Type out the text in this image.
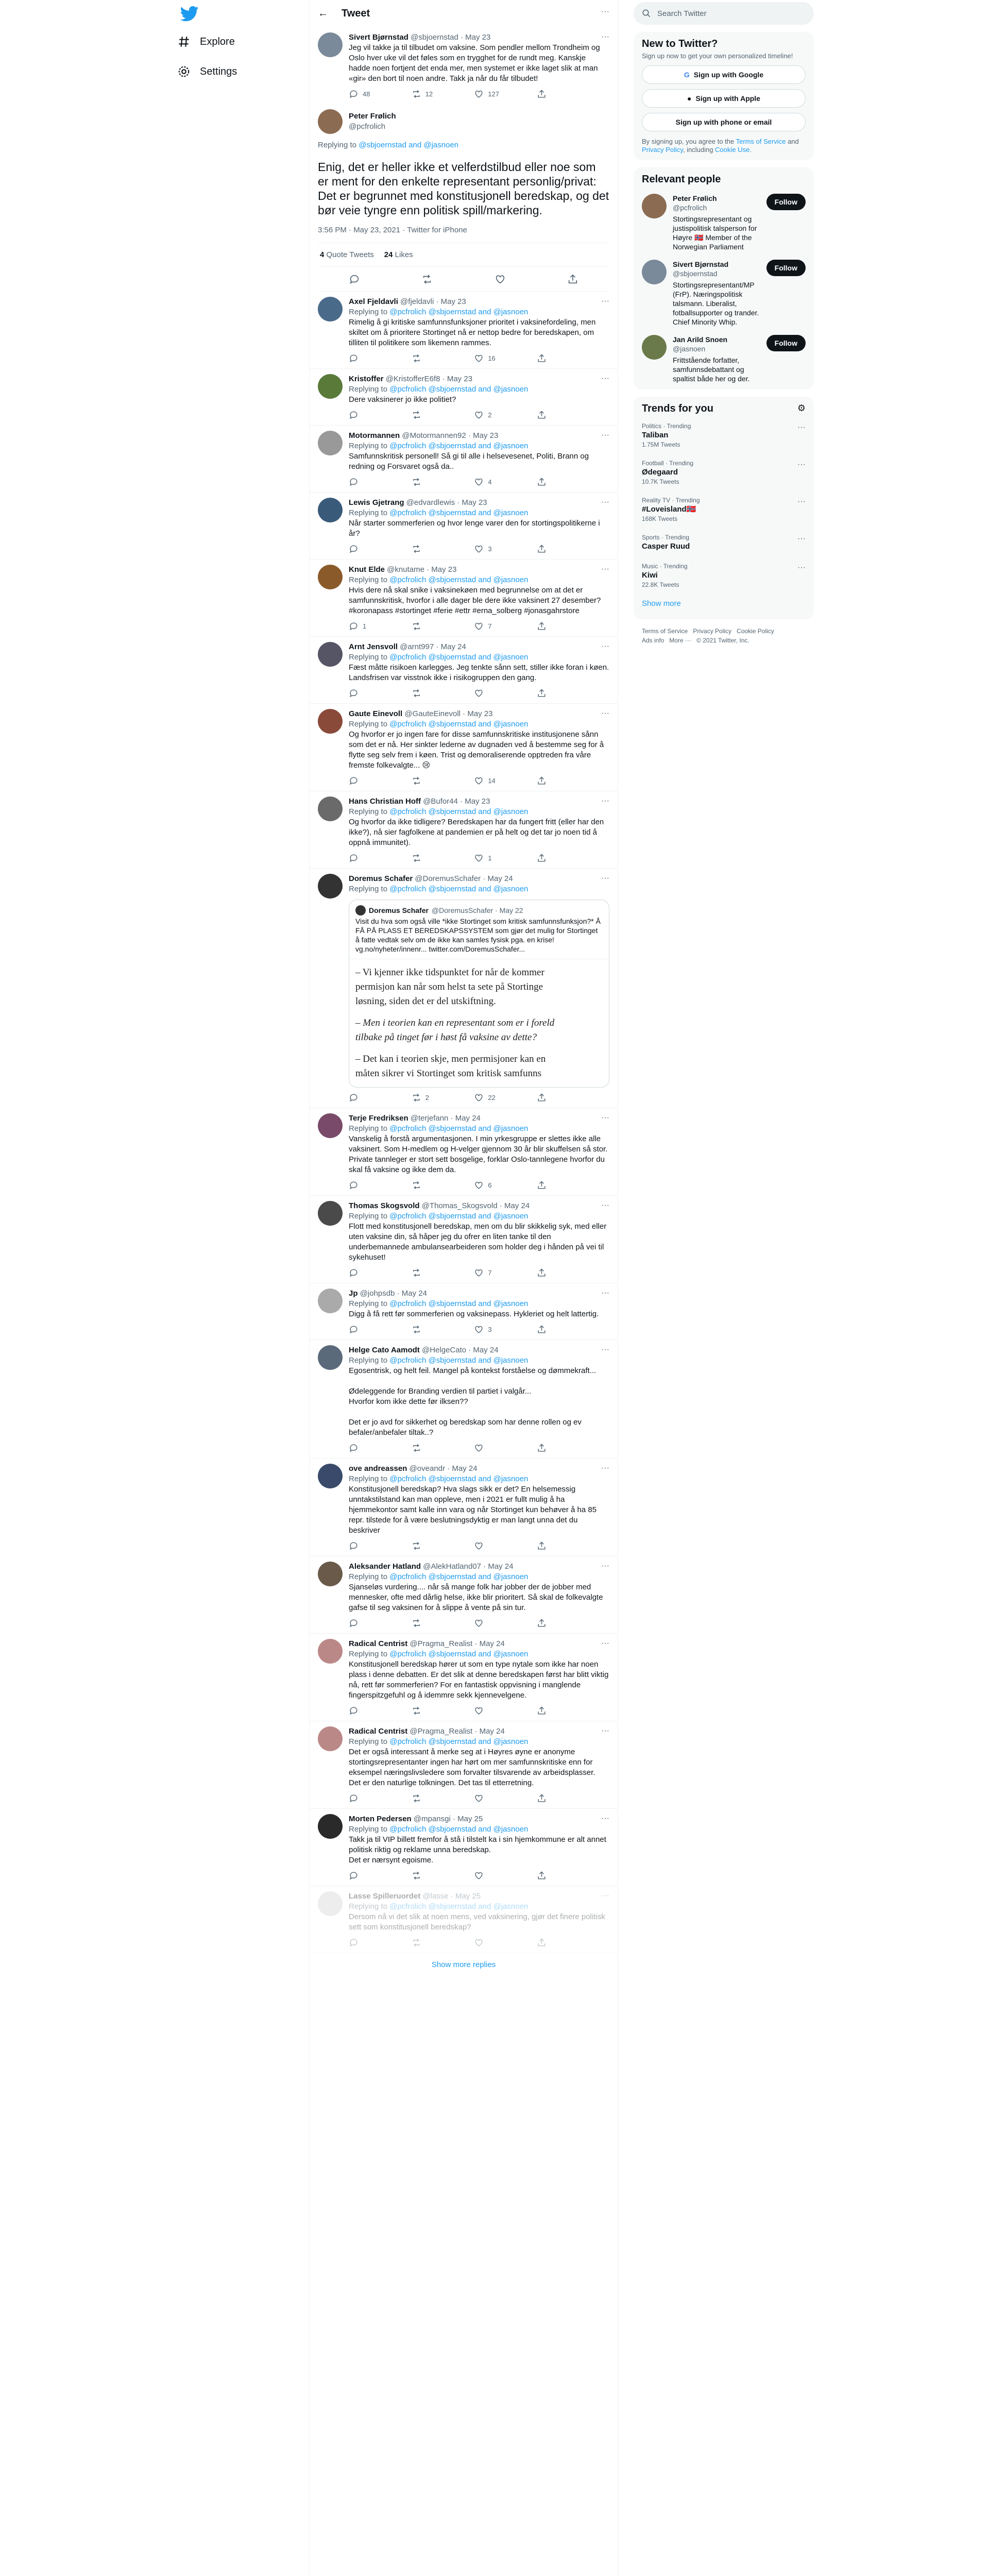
Explore
Settings
← Tweet
Sivert Bjørnstad @sbjoernstad · May 23
Jeg vil takke ja til tilbudet om vaksine. Som pendler mellom Trondheim og Oslo hver uke vil det føles som en trygghet for de rundt meg. Kanskje hadde noen fortjent det enda mer, men systemet er ikke laget slik at man «gir» den bort til noen andre. Takk ja når du får tilbudet!
48	12	127
···
Peter Frølich
@pcfrolich
···
Replying to @sbjoernstad and @jasnoen
Enig, det er heller ikke et velferdstilbud eller noe som er ment for den enkelte representant personlig/privat: Det er begrunnet med konstitusjonell beredskap, og det bør veie tyngre enn politisk spill/markering.
3:56 PM · May 23, 2021 · Twitter for iPhone
4 Quote Tweets 24 Likes
Axel Fjeldavli @fjeldavli · May 23
Replying to @pcfrolich @sbjoernstad and @jasnoen
Rimelig å gi kritiske samfunnsfunksjoner prioritet i vaksinefordeling, men skiltet om å prioritere Stortinget nå er nettop bedre for beredskapen, om tilliten til politikere som likemenn rammes.
16
···
Kristoffer @KristofferE6f8 · May 23
Replying to @pcfrolich @sbjoernstad and @jasnoen
Dere vaksinerer jo ikke politiet?
2
···
Motormannen @Motormannen92 · May 23
Replying to @pcfrolich @sbjoernstad and @jasnoen
Samfunnskritisk personell! Så gi til alle i helsevesenet, Politi, Brann og redning og Forsvaret også da..
4
···
Lewis Gjetrang @edvardlewis · May 23
Replying to @pcfrolich @sbjoernstad and @jasnoen
Når starter sommerferien og hvor lenge varer den for stortingspolitikerne i år?
3
···
Knut Elde @knutame · May 23
Replying to @pcfrolich @sbjoernstad and @jasnoen
Hvis dere nå skal snike i vaksinekøen med begrunnelse om at det er samfunnskritisk, hvorfor i alle dager ble dere ikke vaksinert 27 desember?
#koronapass #stortinget #ferie #ettr #erna_solberg #jonasgahrstore
1	7
···
Arnt Jensvoll @arnt997 · May 24
Replying to @pcfrolich @sbjoernstad and @jasnoen
Fæst måtte risikoen karlegges. Jeg tenkte sånn sett, stiller ikke foran i køen. Landsfrisen var visstnok ikke i risikogruppen den gang.
···
Gaute Einevoll @GauteEinevoll · May 23
Replying to @pcfrolich @sbjoernstad and @jasnoen
Og hvorfor er jo ingen fare for disse samfunnskritiske institusjonene sånn som det er nå. Her sinkter lederne av dugnaden ved å bestemme seg for å flytte seg selv frem i køen. Trist og demoraliserende opptreden fra våre fremste folkevalgte... 😢
14
···
Hans Christian Hoff @Bufor44 · May 23
Replying to @pcfrolich @sbjoernstad and @jasnoen
Og hvorfor da ikke tidligere? Beredskapen har da fungert fritt (eller har den ikke?), nå sier fagfolkene at pandemien er på helt og det tar jo noen tid å oppnå immunitet).
1
···
Doremus Schafer @DoremusSchafer · May 24
Replying to @pcfrolich @sbjoernstad and @jasnoen
Doremus Schafer @DoremusSchafer · May 22
Visit du hva som også ville *ikke Stortinget som kritisk samfunnsfunksjon?* Å FÅ PÅ PLASS ET BEREDSKAPSSYSTEM som gjør det mulig for Stortinget å fatte vedtak selv om de ikke kan samles fysisk pga. en krise! vg.no/nyheter/innenr... twitter.com/DoremusSchafer...
– Vi kjenner ikke tidspunktet for når de kommer
permisjon kan når som helst ta sete på Stortinge
løsning, siden det er del utskiftning.
– Men i teorien kan en representant som er i foreld
tilbake på tinget før i høst få vaksine av dette?
– Det kan i teorien skje, men permisjoner kan en
måten sikrer vi Stortinget som kritisk samfunns
2	22
···
Terje Fredriksen @terjefann · May 24
Replying to @pcfrolich @sbjoernstad and @jasnoen
Vanskelig å forstå argumentasjonen. I min yrkesgruppe er slettes ikke alle vaksinert. Som H-medlem og H-velger gjennom 30 år blir skuffelsen så stor. Private tannleger er stort sett bosgelige, forklar Oslo-tannlegene hvorfor du skal få vaksine og ikke dem da.
6
···
Thomas Skogsvold @Thomas_Skogsvold · May 24
Replying to @pcfrolich @sbjoernstad and @jasnoen
Flott med konstitusjonell beredskap, men om du blir skikkelig syk, med eller uten vaksine din, så håper jeg du ofrer en liten tanke til den underbemannede ambulansearbeideren som holder deg i hånden på vei til sykehuset!
7
···
Jp @johpsdb · May 24
Replying to @pcfrolich @sbjoernstad and @jasnoen
Digg å få rett før sommerferien og vaksinepass. Hykleriet og helt lattertig.
3
···
Helge Cato Aamodt @HelgeCato · May 24
Replying to @pcfrolich @sbjoernstad and @jasnoen
Egosentrisk, og helt feil. Mangel på kontekst forståelse og dømmekraft...

Ødeleggende for Branding verdien til partiet i valgår...
Hvorfor kom ikke dette før ilksen??

Det er jo avd for sikkerhet og beredskap som har denne rollen og ev befaler/anbefaler tiltak..?
···
ove andreassen @oveandr · May 24
Replying to @pcfrolich @sbjoernstad and @jasnoen
Konstitusjonell beredskap? Hva slags sikk er det? En helsemessig unntakstilstand kan man oppleve, men i 2021 er fullt mulig å ha hjemmekontor samt kalle inn vara og når Stortinget kun behøver å ha 85 repr. tilstede for å være beslutningsdyktig er man langt unna det du beskriver
···
Aleksander Hatland @AlekHatland07 · May 24
Replying to @pcfrolich @sbjoernstad and @jasnoen
Sjanseløs vurdering.... når så mange folk har jobber der de jobber med mennesker, ofte med dårlig helse, ikke blir prioritert. Så skal de folkevalgte gafse til seg vaksinen for å slippe å vente på sin tur.
···
Radical Centrist @Pragma_Realist · May 24
Replying to @pcfrolich @sbjoernstad and @jasnoen
Konstitusjonell beredskap hører ut som en type nytale som ikke har noen plass i denne debatten. Er det slik at denne beredskapen først har blitt viktig nå, rett før sommerferien? For en fantastisk oppvisning i manglende fingerspitzgefuhl og å idemmre sekk kjennevelgene.
···
Radical Centrist @Pragma_Realist · May 24
Replying to @pcfrolich @sbjoernstad and @jasnoen
Det er også interessant å merke seg at i Høyres øyne er anonyme stortingsrepresentanter ingen har hørt om mer samfunnskritiske enn for eksempel næringslivsledere som forvalter tilsvarende av arbeidsplasser. Det er den naturlige tolkningen. Det tas til etterretning.
···
Morten Pedersen @mpansgi · May 25
Replying to @pcfrolich @sbjoernstad and @jasnoen
Takk ja til VIP billett fremfor å stå i tilstelt ka i sin hjemkommune er alt annet politisk riktig og reklame unna beredskap.
Det er nærsynt egoisme.
···
Lasse Spilleruordet @lasse · May 25
Replying to @pcfrolich @sbjoernstad and @jasnoen
Dersom nå vi det slik at noen mens, ved vaksinering, gjør det finere politisk sett som konstitusjonell beredskap?
···
Show more replies
Search Twitter
New to Twitter?
Sign up now to get your own personalized timeline!
G Sign up with Google
● Sign up with Apple
Sign up with phone or email
By signing up, you agree to the Terms of Service and Privacy Policy, including Cookie Use.
Relevant people
Peter Frølich
@pcfrolich
Stortingsrepresentant og justispolitisk talsperson for Høyre 🇳🇴 Member of the Norwegian Parliament
Follow
Sivert Bjørnstad
@sbjoernstad
Stortingsrepresentant/MP (FrP). Næringspolitisk talsmann. Liberalist, fotballsupporter og trander. Chief Minority Whip.
Follow
Jan Arild Snoen
@jasnoen
Frittstående forfatter, samfunnsdebattant og spaltist både her og der.
Follow
Trends for you	⚙
Politics · Trending
Taliban
1.75M Tweets
···
Football · Trending
Ødegaard
10.7K Tweets
···
Reality TV · Trending
#Loveisland🇳🇴
168K Tweets
···
Sports · Trending
Casper Ruud
···
Music · Trending
Kiwi
22.8K Tweets
···
Show more
Terms of Service Privacy Policy Cookie Policy
Ads info More ··· © 2021 Twitter, Inc.
